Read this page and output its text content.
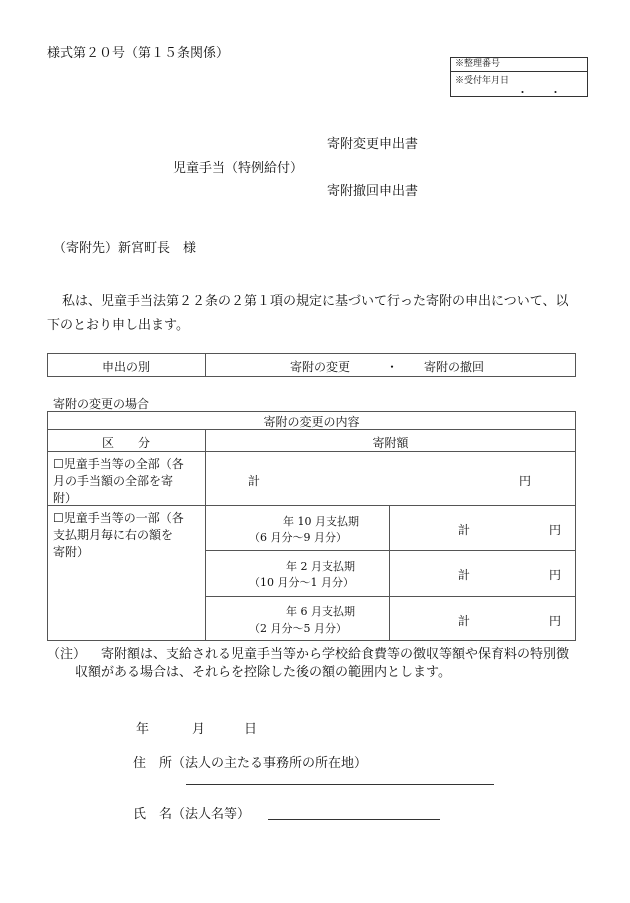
様式第２０号（第１５条関係）
※整理番号
※受付年月日
・　　・
寄附変更申出書
児童手当（特例給付）
寄附撤回申出書
（寄附先）新宮町長　様
私は、児童手当法第２２条の２第１項の規定に基づいて行った寄附の申出について、以
下のとおり申し出ます。
申出の別	寄附の変更	・ 寄附の撤回
寄附の変更の場合
寄附の変更の内容
区　　分	寄附額
☐児童手当等の全部（各
月の手当額の全部を寄
附）
計	円
☐児童手当等の一部（各
支払期月毎に右の額を
寄附）
年 10 月支払期
（6 月分～9 月分）
計	円
年 2 月支払期
（10 月分～1 月分）
計	円
年 6 月支払期
（2 月分～5 月分）
計	円
（注） 寄附額は、支給される児童手当等から学校給食費等の徴収等額や保育料の特別徴
収額がある場合は、それらを控除した後の額の範囲内とします。
年	月	日
住　所（法人の主たる事務所の所在地）
氏　名（法人名等）
